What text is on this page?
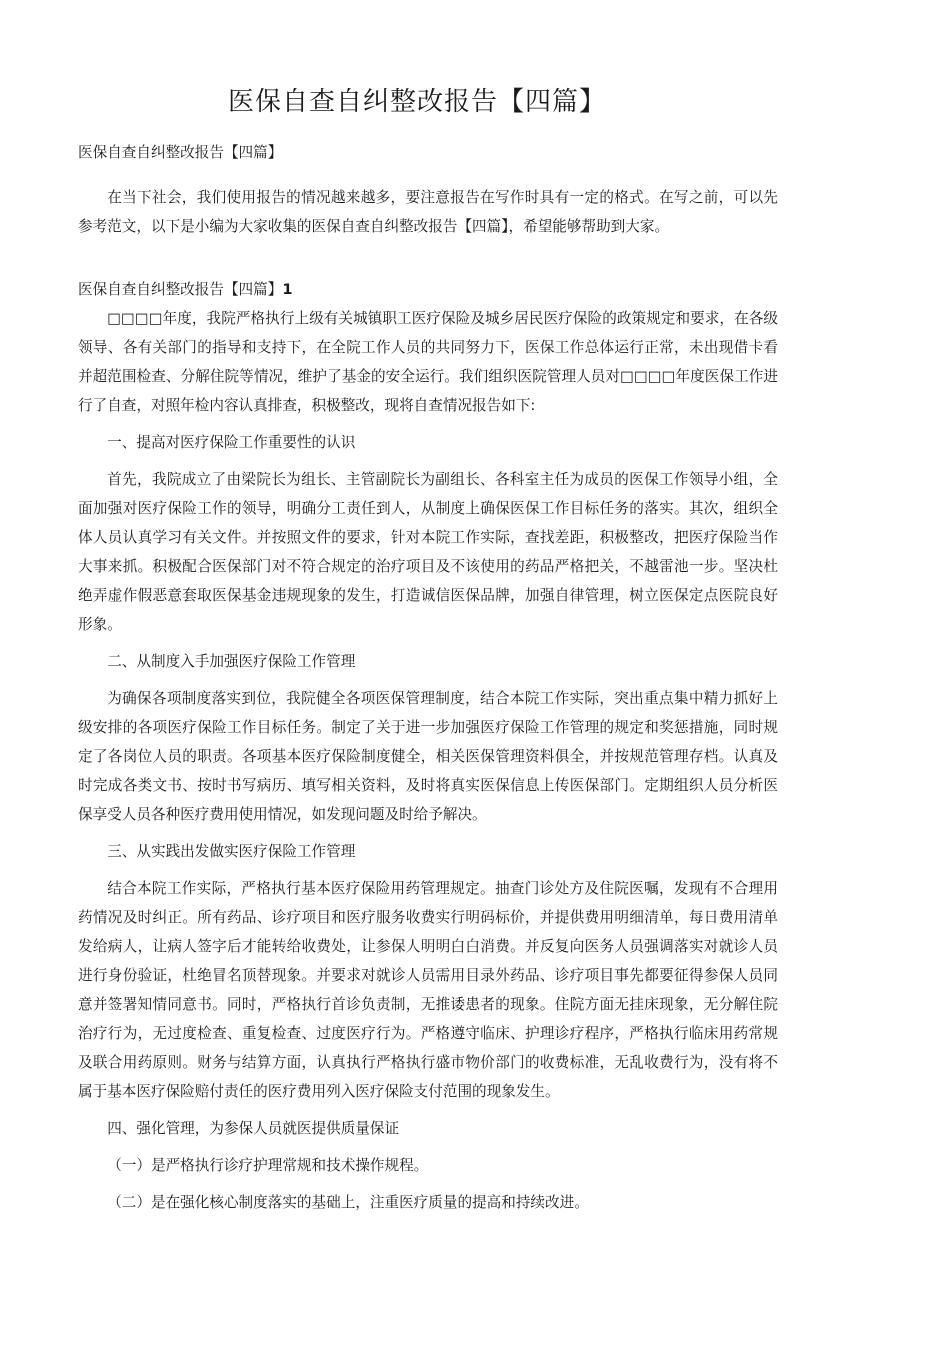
医保自查自纠整改报告【四篇】

医保自查自纠整改报告【四篇】

在当下社会，我们使用报告的情况越来越多，要注意报告在写作时具有一定的格式。在写之前，可以先参考范文，以下是小编为大家收集的医保自查自纠整改报告【四篇】，希望能够帮助到大家。

医保自查自纠整改报告【四篇】1

□□□□年度，我院严格执行上级有关城镇职工医疗保险及城乡居民医疗保险的政策规定和要求，在各级领导、各有关部门的指导和支持下，在全院工作人员的共同努力下，医保工作总体运行正常，未出现借卡看并超范围检查、分解住院等情况，维护了基金的安全运行。我们组织医院管理人员对□□□□年度医保工作进行了自查，对照年检内容认真排查，积极整改，现将自查情况报告如下:

一、提高对医疗保险工作重要性的认识

首先，我院成立了由梁院长为组长、主管副院长为副组长、各科室主任为成员的医保工作领导小组，全面加强对医疗保险工作的领导，明确分工责任到人，从制度上确保医保工作目标任务的落实。其次，组织全体人员认真学习有关文件。并按照文件的要求，针对本院工作实际，查找差距，积极整改，把医疗保险当作大事来抓。积极配合医保部门对不符合规定的治疗项目及不该使用的药品严格把关，不越雷池一步。坚决杜绝弄虚作假恶意套取医保基金违规现象的发生，打造诚信医保品牌，加强自律管理，树立医保定点医院良好形象。

二、从制度入手加强医疗保险工作管理

为确保各项制度落实到位，我院健全各项医保管理制度，结合本院工作实际，突出重点集中精力抓好上级安排的各项医疗保险工作目标任务。制定了关于进一步加强医疗保险工作管理的规定和奖惩措施，同时规定了各岗位人员的职责。各项基本医疗保险制度健全，相关医保管理资料俱全，并按规范管理存档。认真及时完成各类文书、按时书写病历、填写相关资料，及时将真实医保信息上传医保部门。定期组织人员分析医保享受人员各种医疗费用使用情况，如发现问题及时给予解决。

三、从实践出发做实医疗保险工作管理

结合本院工作实际，严格执行基本医疗保险用药管理规定。抽查门诊处方及住院医嘱，发现有不合理用药情况及时纠正。所有药品、诊疗项目和医疗服务收费实行明码标价，并提供费用明细清单，每日费用清单发给病人，让病人签字后才能转给收费处，让参保人明明白白消费。并反复向医务人员强调落实对就诊人员进行身份验证，杜绝冒名顶替现象。并要求对就诊人员需用目录外药品、诊疗项目事先都要征得参保人员同意并签署知情同意书。同时，严格执行首诊负责制，无推诿患者的现象。住院方面无挂床现象，无分解住院治疗行为，无过度检查、重复检查、过度医疗行为。严格遵守临床、护理诊疗程序，严格执行临床用药常规及联合用药原则。财务与结算方面，认真执行严格执行盛市物价部门的收费标准，无乱收费行为，没有将不属于基本医疗保险赔付责任的医疗费用列入医疗保险支付范围的现象发生。

四、强化管理，为参保人员就医提供质量保证

（一）是严格执行诊疗护理常规和技术操作规程。

（二）是在强化核心制度落实的基础上，注重医疗质量的提高和持续改进。
